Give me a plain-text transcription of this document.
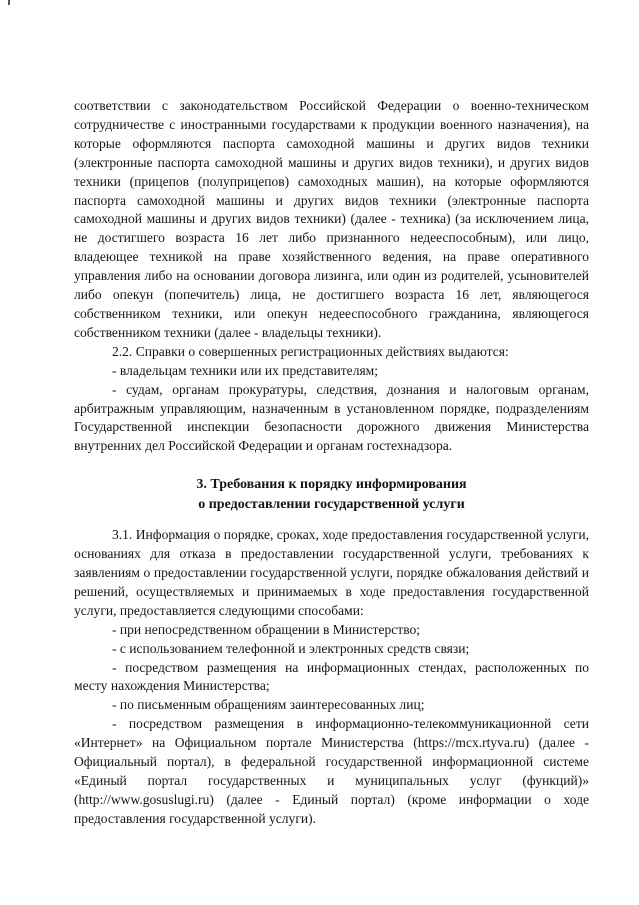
соответствии с законодательством Российской Федерации о военно-техническом сотрудничестве с иностранными государствами к продукции военного назначения), на которые оформляются паспорта самоходной машины и других видов техники (электронные паспорта самоходной машины и других видов техники), и других видов техники (прицепов (полуприцепов) самоходных машин), на которые оформляются паспорта самоходной машины и других видов техники (электронные паспорта самоходной машины и других видов техники) (далее - техника) (за исключением лица, не достигшего возраста 16 лет либо признанного недееспособным), или лицо, владеющее техникой на праве хозяйственного ведения, на праве оперативного управления либо на основании договора лизинга, или один из родителей, усыновителей либо опекун (попечитель) лица, не достигшего возраста 16 лет, являющегося собственником техники, или опекун недееспособного гражданина, являющегося собственником техники (далее - владельцы техники).

2.2. Справки о совершенных регистрационных действиях выдаются:

- владельцам техники или их представителям;

- судам, органам прокуратуры, следствия, дознания и налоговым органам, арбитражным управляющим, назначенным в установленном порядке, подразделениям Государственной инспекции безопасности дорожного движения Министерства внутренних дел Российской Федерации и органам гостехнадзора.

3. Требования к порядку информирования

о предоставлении государственной услуги

3.1. Информация о порядке, сроках, ходе предоставления государственной услуги, основаниях для отказа в предоставлении государственной услуги, требованиях к заявлениям о предоставлении государственной услуги, порядке обжалования действий и решений, осуществляемых и принимаемых в ходе предоставления государственной услуги, предоставляется следующими способами:

- при непосредственном обращении в Министерство;

- с использованием телефонной и электронных средств связи;

- посредством размещения на информационных стендах, расположенных по месту нахождения Министерства;

- по письменным обращениям заинтересованных лиц;

- посредством размещения в информационно-телекоммуникационной сети «Интернет» на Официальном портале Министерства (https://mcx.rtyva.ru) (далее - Официальный портал), в федеральной государственной информационной системе «Единый портал государственных и муниципальных услуг (функций)» (http://www.gosuslugi.ru) (далее - Единый портал) (кроме информации о ходе предоставления государственной услуги).
